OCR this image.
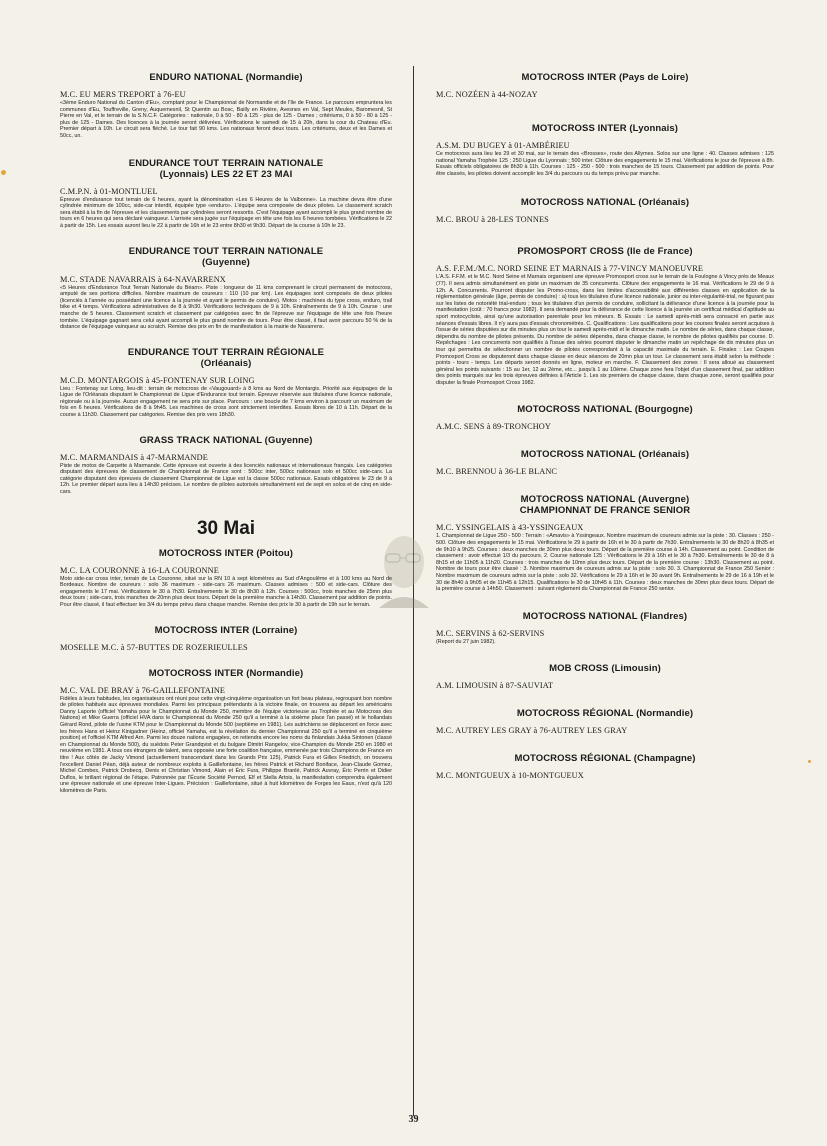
ENDURO NATIONAL (Normandie)

M.C. EU MERS TREPORT à 76-EU

«3ème Enduro National du Canton d'Eu», comptant pour le Championnat de Normandie et de l'Ile de France. Le parcours empruntera les communes d'Eu, Touffreville, Greny, Auquemesnil, St Quentin au Bosc, Bailly en Rivière, Avesnes en Val, Sept Meules, Baromesnil, St Pierre en Val, et le terrain de la S.N.C.F. Catégories : nationale, 0 à 50 - 80 à 125 - plus de 125 - Dames ; critériums, 0 à 50 - 80 à 125 - plus de 125 - Dames. Des licences à la journée seront délivrées. Vérifications le samedi de 15 à 20h, dans la cour du Chateau d'Eu. Premier départ à 10h. Le circuit sera fléché. Le tour fait 90 kms. Les nationaux feront deux tours. Les critériums, deux et les Dames et 50cc, un.

ENDURANCE TOUT TERRAIN NATIONALE (Lyonnais) LES 22 ET 23 MAI

C.M.P.N. à 01-MONTLUEL

Épreuve d'endurance tout terrain de 6 heures, ayant la dénomination «Les 6 Heures de la Valbonne». La machine devra être d'une cylindrée minimum de 100cc, side-car interdit, équipée type «enduro». L'équipe sera composée de deux pilotes. Le classement scratch sera établi à la fin de l'épreuve et les classements par cylindrées seront ressortis. C'est l'équipage ayant accompli le plus grand nombre de tours en 6 heures qui sera déclaré vainqueur. L'arrivée sera jugée sur l'équipage en tête une fois les 6 heures tombées. Vérifications le 22 à partir de 15h. Les essais auront lieu le 22 à partir de 16h et le 23 entre 8h30 et 9h30. Départ de la course à 10h le 23.

ENDURANCE TOUT TERRAIN NATIONALE (Guyenne)

M.C. STADE NAVARRAIS à 64-NAVARRENX

«5 Heures d'Endurance Tout Terrain Nationale du Béarn». Piste : longueur de 11 kms comprenant le circuit permanent de motocross, amputé de ses portions difficiles. Nombre maximum de coureurs : 110 (10 par km). Les équipages sont composés de deux pilotes (licenciés à l'année ou possédant une licence à la journée et ayant le permis de conduire). Motos : machines du type cross, enduro, trail bike et 4 temps. Vérifications administratives de 8 à 9h30. Vérifications techniques de 9 à 10h. Entraînements de 9 à 10h. Course : une manche de 5 heures. Classement scratch et classement par catégories avec fin de l'épreuve sur l'équipage de tête une fois l'heure tombée. L'équipage gagnant sera celui ayant accompli le plus grand nombre de tours. Pour être classé, il faut avoir parcouru 50 % de la distance de l'équipage vainqueur au scratch. Remise des prix en fin de manifestation à la mairie de Navarrenx.

ENDURANCE TOUT TERRAIN RÉGIONALE (Orléanais)

M.C.D. MONTARGOIS à 45-FONTENAY SUR LOING

Lieu : Fontenay sur Loing, lieu-dit : terrain de motocross de «Vaugouard» à 8 kms au Nord de Montargis. Priorité aux équipages de la Ligue de l'Orléanais disputant le Championnat de Ligue d'Endurance tout terrain. Épreuve réservée aux titulaires d'une licence nationale, régionale ou à la journée. Aucun engagement ne sera pris sur place. Parcours : une boucle de 7 kms environ à parcourir un maximum de fois en 6 heures. Vérifications de 8 à 9h45. Les machines de cross sont strictement interdites. Essais libres de 10 à 11h. Départ de la course à 11h30. Classement par catégories. Remise des prix vers 18h30.

GRASS TRACK NATIONAL (Guyenne)

M.C. MARMANDAIS à 47-MARMANDE

Piste de motos de Carpette à Marmande. Cette épreuve est ouverte à des licenciés nationaux et internationaux français. Les catégories disputant des épreuves de classement de Championnat de France sont : 500cc inter, 500cc nationaux solo et 500cc side-cars. La catégorie disputant des épreuves de classement Championnat de Ligue est la classe 500cc nationaux. Essais obligatoires le 23 de 9 à 12h. Le premier départ aura lieu à 14h30 précises. Le nombre de pilotes autorisés simultanément est de sept en solos et de cinq en side-cars.

30 Mai
MOTOCROSS INTER (Poitou)

M.C. LA COURONNE à 16-LA COURONNE

Moto side-car cross inter, terrain de La Couronne, situé sur la RN 10 à sept kilomètres au Sud d'Angoulême et à 100 kms au Nord de Bordeaux. Nombre de coureurs : solo 36 maximum - side-cars 26 maximum. Classes admises : 500 et side-cars. Clôture des engagements le 17 mai. Vérifications le 30 à 7h30. Entraînements le 30 de 8h30 à 12h. Courses : 500cc, trois manches de 25mn plus deux tours ; side-cars, trois manches de 20mn plus deux tours. Départ de la première manche à 14h30. Classement par addition de points. Pour être classé, il faut effectuer les 3/4 du temps prévu dans chaque manche. Remise des prix le 30 à partir de 19h sur le terrain.

MOTOCROSS INTER (Lorraine)

MOSELLE M.C. à 57-BUTTES DE ROZERIEULLES

MOTOCROSS INTER (Normandie)

M.C. VAL DE BRAY à 76-GAILLEFONTAINE

Fidèles à leurs habitudes, les organisateurs ont réuni pour cette vingt-cinquième organisation un fort beau plateau, regroupant bon nombre de pilotes habitués aux épreuves mondiales. Parmi les principaux prétendants à la victoire finale, on trouvera au départ les américains Danny Laporte (officiel Yamaha pour le Championnat du Monde 250, membre de l'équipe victorieuse au Trophée et au Motocross des Nations) et Mike Guerra (officiel HVA dans le Championnat du Monde 250 qu'il a terminé à la sixième place l'an passé) et le hollandais Gérard Rond, pilote de l'usine KTM pour le Championnat du Monde 500 (septième en 1981). Les autrichiens se déplaceront en force avec les frères Hans et Heinz Kinigadner (Heinz, officiel Yamaha, est la révélation du dernier Championnat 250 qu'il a terminé en cinquième position) et l'officiel KTM Alfred Arn. Parmi les douze nations engagées, on retiendra encore les noms du finlandais Jukka Sintonen (classé en Championnat du Monde 500), du suédois Peter Grandqvist et du bulgare Dimitri Rangelov, vice-Champion du Monde 250 en 1980 et neuvième en 1981. A tous ces étrangers de talent, sera opposée une forte coalition française, emmenée par trois Champions de France en titre ! Aux côtés de Jacky Vimond (actuellement transcendant dans les Grands Prix 125), Patrick Fura et Gilles Friedrich, on trouvera l'excellent Daniel Péan, déjà auteur de nombreux exploits à Gaillefontaine, les frères Patrick et Richard Boniface, Jean-Claude Gomez, Michel Combes, Patrick Drobecq, Denis et Christian Vimond, Alain et Éric Fura, Philippe Branlé, Patrick Auvray, Éric Perrin et Didier Duflos, le brillant régional de l'étape. Patronnée par l'Écurie Société Pernod, Elf et Stella Artois, la manifestation comprendra également une épreuve nationale et une épreuve Inter-Ligues. Précision : Gaillefontaine, situé à huit kilomètres de Forges les Eaux, n'est qu'à 120 kilomètres de Paris.

MOTOCROSS INTER (Pays de Loire)

M.C. NOZÉEN à 44-NOZAY

MOTOCROSS INTER (Lyonnais)

A.S.M. DU BUGEY à 01-AMBÉRIEU

Ce motocross aura lieu les 29 et 30 mai, sur le terrain des «Brosses», route des Allymes. Solos sur une ligne : 40. Classes admises : 125 national Yamaha Trophée 125 ; 250 Ligue du Lyonnais ; 500 inter. Clôture des engagements le 15 mai. Vérifications le jour de l'épreuve à 8h. Essais officiels obligatoires de 8h30 à 11h. Courses : 125 - 250 - 500 : trois manches de 15 tours. Classement par addition de points. Pour être classés, les pilotes doivent accomplir les 3/4 du parcours ou du temps prévu par manche.

MOTOCROSS NATIONAL (Orléanais)

M.C. BROU à 28-LES TONNES

PROMOSPORT CROSS (Ile de France)

A.S. F.F.M./M.C. NORD SEINE ET MARNAIS à 77-VINCY MANOEUVRE

L'A.S. F.F.M. et le M.C. Nord Seine et Marnais organisent une épreuve Promosport cross sur le terrain de la Foulogne à Vincy près de Meaux (77). Il sera admis simultanément en piste un maximum de 35 concurrents. Clôture des engagements le 16 mai. Vérifications le 29 de 9 à 12h. A. Concurrents. Pourront disputer les Promo-cross, dans les limites d'accessibilité aux différentes classes en application de la réglementation générale (âge, permis de conduire) : a) tous les titulaires d'une licence nationale, junior ou inter-régularité-trial, ne figurant pas sur les listes de notoriété trial-enduro ; tous les titulaires d'un permis de conduire, sollicitant la délivrance d'une licence à la journée pour la manifestation (coût : 70 francs pour 1982). Il sera demandé pour la délivrance de cette licence à la journée un certificat médical d'aptitude au sport motocycliste, ainsi qu'une autorisation parentale pour les mineurs. B. Essais : Le samedi après-midi sera consacré en partie aux séances d'essais libres. Il n'y aura pas d'essais chronométrés. C. Qualifications : Les qualifications pour les courses finales seront acquises à l'issue de séries disputées sur dix minutes plus un tour le samedi après-midi et le dimanche matin. Le nombre de séries, dans chaque classe, dépendra du nombre de pilotes présents. Du nombre de séries dépendra, dans chaque classe, le nombre de pilotes qualifiés par course. D. Repêchages : Les concurrents non qualifiés à l'issue des séries pourront disputer le dimanche matin un repêchage de dix minutes plus un tour qui permettra de sélectionner un nombre de pilotes correspondant à la capacité maximale du terrain. E. Finales : Les Coupes Promosport Cross se disputeront dans chaque classe en deux séances de 20mn plus un tour. Le classement sera établi selon la méthode : points - tours - temps. Les départs seront donnés en ligne, moteur en marche. F. Classement des zones : Il sera alloué au classement général les points suivants : 15 au 1er, 12 au 2ème, etc... jusqu'à 1 au 10ème. Chaque zone fera l'objet d'un classement final, par addition des points marqués sur les trois épreuves définies à l'Article 1. Les six premiers de chaque classe, dans chaque zone, seront qualifiés pour disputer la finale Promosport Cross 1982.

MOTOCROSS NATIONAL (Bourgogne)

A.M.C. SENS à 89-TRONCHOY

MOTOCROSS NATIONAL (Orléanais)

M.C. BRENNOU à 36-LE BLANC

MOTOCROSS NATIONAL (Auvergne) CHAMPIONNAT DE FRANCE SENIOR

M.C. YSSINGELAIS à 43-YSSINGEAUX

1. Championnat de Ligue 250 - 500 : Terrain : «Amavis» à Yssingeaux. Nombre maximum de coureurs admis sur la piste : 30. Classes : 250 - 500. Clôture des engagements le 15 mai. Vérifications le 29 à partir de 16h et le 30 à partir de 7h30. Entraînements le 30 de 8h20 à 8h35 et de 9h10 à 9h25. Courses : deux manches de 30mn plus deux tours. Départ de la première course à 14h. Classement au point. Condition de classement : avoir effectué 1/3 du parcours. 2. Course nationale 125 : Vérifications le 29 à 16h et le 30 à 7h30. Entraînements le 30 de 8 à 8h15 et de 11h05 à 11h20. Courses : trois manches de 10mn plus deux tours. Départ de la première course : 13h30. Classement au point. Nombre de tours pour être classé : 3. Nombre maximum de coureurs admis sur la piste : solo 30. 3. Championnat de France 250 Senior : Nombre maximum de coureurs admis sur la piste : solo 32. Vérifications le 29 à 16h et le 30 avant 9h. Entraînements le 29 de 16 à 19h et le 30 de 8h40 à 9h05 et de 11h45 à 12h15. Qualifications le 30 de 10h45 à 11h. Courses : deux manches de 30mn plus deux tours. Départ de la première course à 14h50. Classement : suivant règlement du Championnat de France 250 senior.

MOTOCROSS NATIONAL (Flandres)

M.C. SERVINS à 62-SERVINS

(Report du 27 juin 1982).

MOB CROSS (Limousin)

A.M. LIMOUSIN à 87-SAUVIAT

MOTOCROSS RÉGIONAL (Normandie)

M.C. AUTREY LES GRAY à 76-AUTREY LES GRAY

MOTOCROSS RÉGIONAL (Champagne)

M.C. MONTGUEUX à 10-MONTGUEUX

39
